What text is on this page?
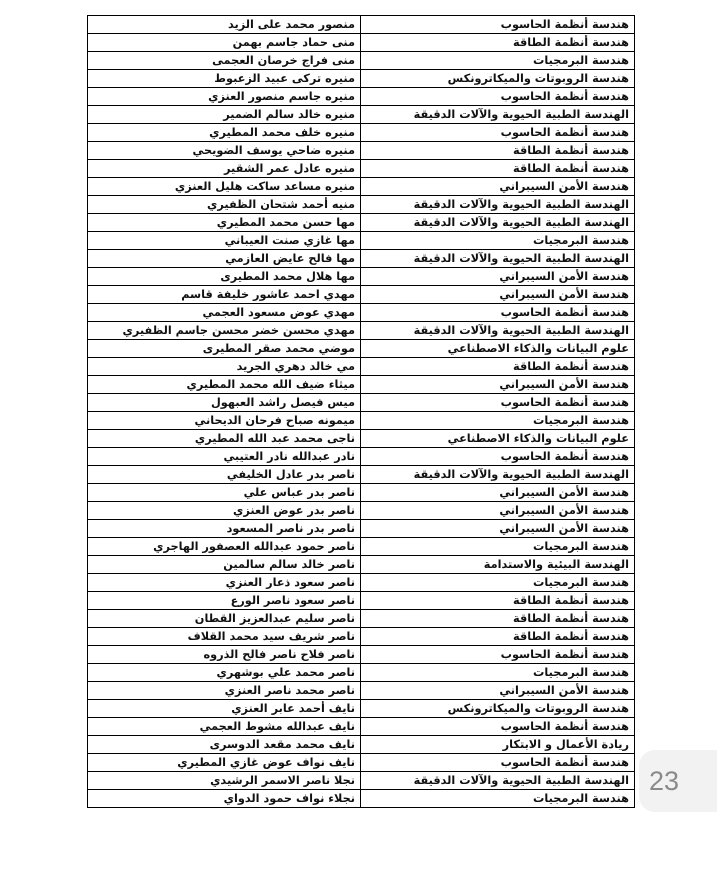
هندسة أنظمة الحاسوب	منصور محمد على الزيد
هندسة أنظمة الطاقة	منى حماد جاسم بهمن
هندسة البرمجيات	منى فراج خرصان العجمى
هندسة الروبوتات والميكاترونكس	منيره تركى عبيد الزعبوط
هندسة أنظمة الحاسوب	منيره جاسم منصور العنزي
الهندسة الطبية الحيوية والآلات الدقيقة	منيره خالد سالم الضمير
هندسة أنظمة الحاسوب	منيره خلف محمد المطيري
هندسة أنظمة الطاقة	منيره ضاحي يوسف الضويحي
هندسة أنظمة الطاقة	منيره عادل عمر الشقير
هندسة الأمن السيبراني	منيره مساعد ساكت هليل العنزي
الهندسة الطبية الحيوية والآلات الدقيقة	منيه أحمد شتحان الظفيري
الهندسة الطبية الحيوية والآلات الدقيقة	مها حسن محمد المطيري
هندسة البرمجيات	مها غازي صنت العيباني
الهندسة الطبية الحيوية والآلات الدقيقة	مها فالح عايض العازمي
هندسة الأمن السيبراني	مها هلال محمد المطيرى
هندسة الأمن السيبراني	مهدي احمد عاشور خليفة قاسم
هندسة أنظمة الحاسوب	مهدي عوض مسعود العجمي
الهندسة الطبية الحيوية والآلات الدقيقة	مهدي محسن خضر محسن جاسم الظفيري
علوم البيانات والذكاء الاصطناعي	موضي محمد صقر المطيرى
هندسة أنظمة الطاقة	مي خالد دهري الجريد
هندسة الأمن السيبراني	ميثاء ضيف الله محمد المطيري
هندسة أنظمة الحاسوب	ميس فيصل راشد العبهول
هندسة البرمجيات	ميمونه صباح فرحان الديحاني
علوم البيانات والذكاء الاصطناعي	ناجى محمد عبد الله المطيري
هندسة أنظمة الحاسوب	نادر عبدالله نادر العتيبي
الهندسة الطبية الحيوية والآلات الدقيقة	ناصر بدر عادل الخليفي
هندسة الأمن السيبراني	ناصر بدر عباس علي
هندسة الأمن السيبراني	ناصر بدر عوض العنزي
هندسة الأمن السيبراني	ناصر بدر ناصر المسعود
هندسة البرمجيات	ناصر حمود عبدالله العصفور الهاجري
الهندسة البيئية والاستدامة	ناصر خالد سالم سالمين
هندسة البرمجيات	ناصر سعود ذعار العنزي
هندسة أنظمة الطاقة	ناصر سعود ناصر الورع
هندسة أنظمة الطاقة	ناصر سليم عبدالعزيز القطان
هندسة أنظمة الطاقة	ناصر شريف سيد محمد القلاف
هندسة أنظمة الحاسوب	ناصر فلاح ناصر فالح الذروه
هندسة البرمجيات	ناصر محمد علي بوشهري
هندسة الأمن السيبراني	ناصر محمد ناصر العنزي
هندسة الروبوتات والميكاترونكس	نايف أحمد عابر العنزي
هندسة أنظمة الحاسوب	نايف عبدالله مشوط العجمي
ريادة الأعمال و الابتكار	نايف محمد مقعد الدوسرى
هندسة أنظمة الحاسوب	نايف نواف عوض غازي المطيري
الهندسة الطبية الحيوية والآلات الدقيقة	نجلا ناصر الاسمر الرشيدي
هندسة البرمجيات	نجلاء نواف حمود الدواي
23
